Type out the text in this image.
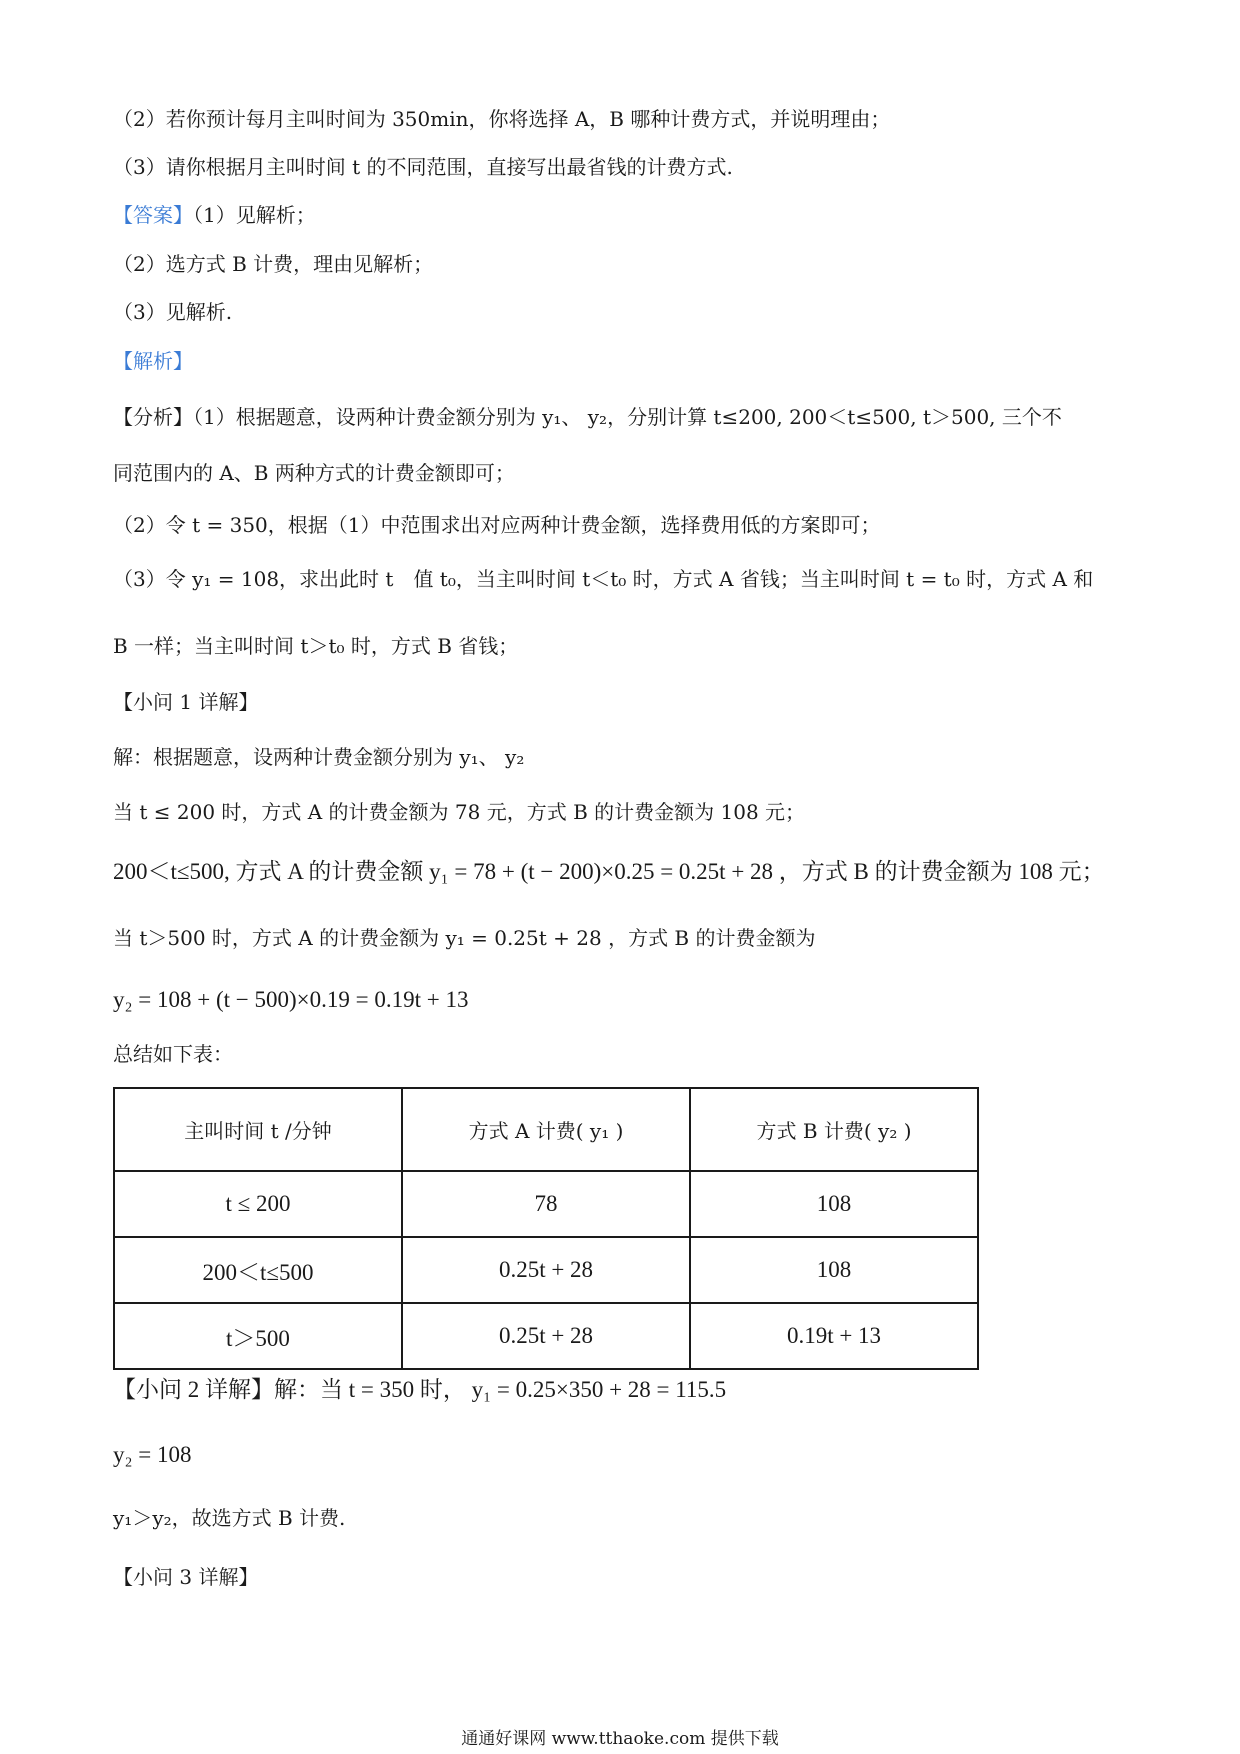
（2）若你预计每月主叫时间为 350min，你将选择 A，B 哪种计费方式，并说明理由；
（3）请你根据月主叫时间 t 的不同范围，直接写出最省钱的计费方式.
【答案】（1）见解析；
（2）选方式 B 计费，理由见解析；
（3）见解析.
【解析】
【分析】（1）根据题意，设两种计费金额分别为 y₁、 y₂，分别计算 t≤200, 200＜t≤500, t＞500, 三个不
同范围内的 A、B 两种方式的计费金额即可；
（2）令 t = 350，根据（1）中范围求出对应两种计费金额，选择费用低的方案即可；
（3）令 y₁ = 108，求出此时 t　值 t₀，当主叫时间 t＜t₀ 时，方式 A 省钱；当主叫时间 t = t₀ 时，方式 A 和
B 一样；当主叫时间 t＞t₀ 时，方式 B 省钱；
【小问 1 详解】
解：根据题意，设两种计费金额分别为 y₁、 y₂
当 t ≤ 200 时，方式 A 的计费金额为 78 元，方式 B 的计费金额为 108 元；
200＜t≤500, 方式 A 的计费金额 y₁ = 78 + (t − 200)×0.25 = 0.25t + 28 ，方式 B 的计费金额为 108 元；
当 t＞500 时，方式 A 的计费金额为 y₁ = 0.25t + 28 ，方式 B 的计费金额为
y₂ = 108 + (t − 500)×0.19 = 0.19t + 13
总结如下表：
主叫时间 t /分钟	方式 A 计费( y₁ )	方式 B 计费( y₂ )
t ≤ 200	78	108
200＜t≤500	0.25t + 28	108
t＞500	0.25t + 28	0.19t + 13
【小问 2 详解】解：当 t = 350 时， y₁ = 0.25×350 + 28 = 115.5
y₂ = 108
y₁＞y₂，故选方式 B 计费.
【小问 3 详解】
通通好课网 www.tthaoke.com 提供下载
